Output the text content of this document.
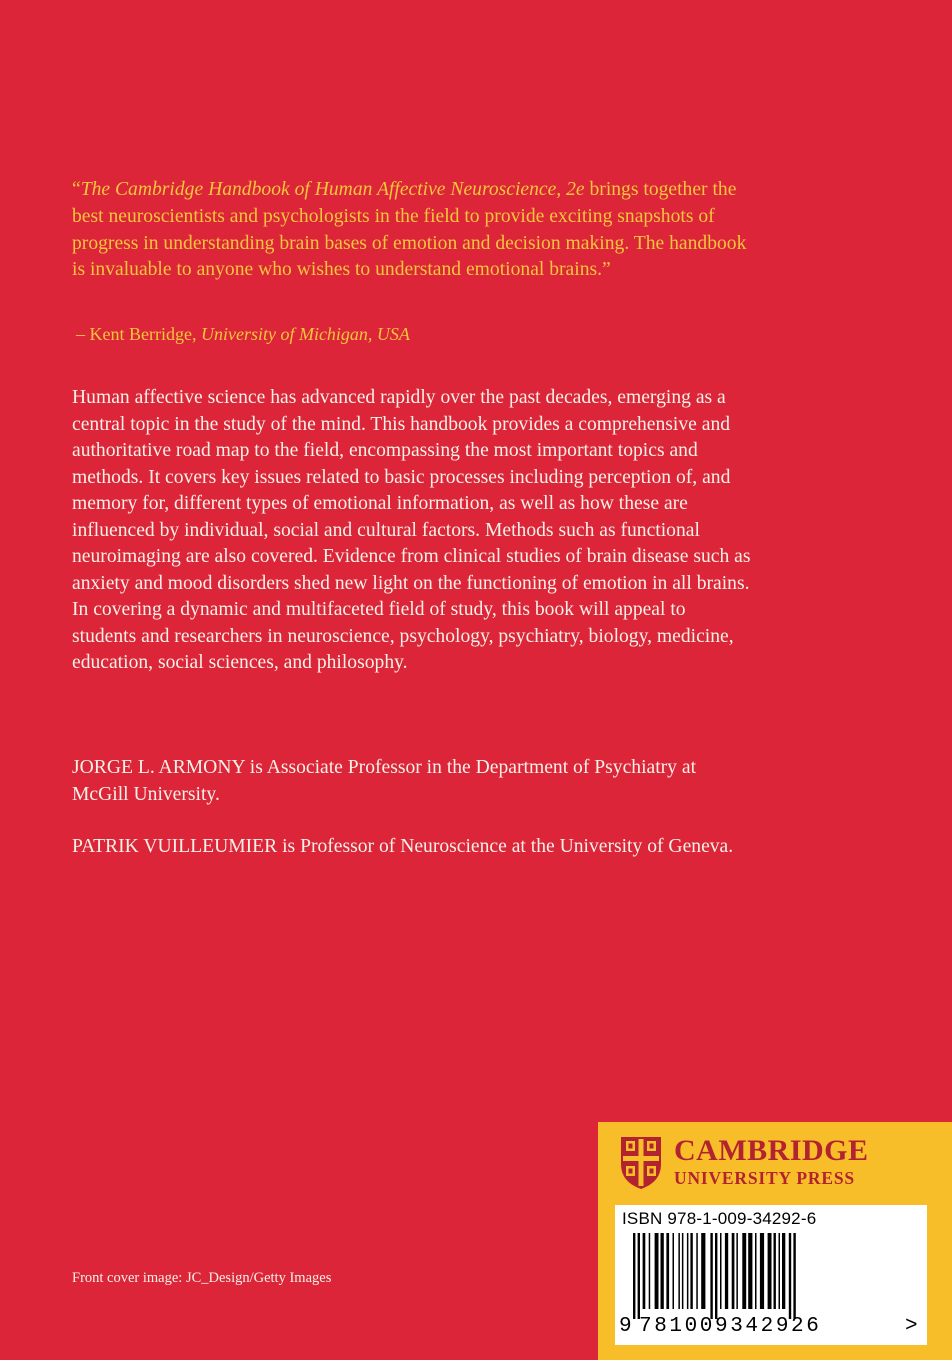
“The Cambridge Handbook of Human Affective Neuroscience, 2e brings together the best neuroscientists and psychologists in the field to provide exciting snapshots of progress in understanding brain bases of emotion and decision making. The handbook is invaluable to anyone who wishes to understand emotional brains.”
– Kent Berridge, University of Michigan, USA
Human affective science has advanced rapidly over the past decades, emerging as a central topic in the study of the mind. This handbook provides a comprehensive and authoritative road map to the field, encompassing the most important topics and methods. It covers key issues related to basic processes including perception of, and memory for, different types of emotional information, as well as how these are influenced by individual, social and cultural factors. Methods such as functional neuroimaging are also covered. Evidence from clinical studies of brain disease such as anxiety and mood disorders shed new light on the functioning of emotion in all brains. In covering a dynamic and multifaceted field of study, this book will appeal to students and researchers in neuroscience, psychology, psychiatry, biology, medicine, education, social sciences, and philosophy.
JORGE L. ARMONY is Associate Professor in the Department of Psychiatry at McGill University.
PATRIK VUILLEUMIER is Professor of Neuroscience at the University of Geneva.
Front cover image: JC_Design/Getty Images
CAMBRIDGE
UNIVERSITY PRESS
ISBN 978-1-009-34292-6
9 781009342926	>
